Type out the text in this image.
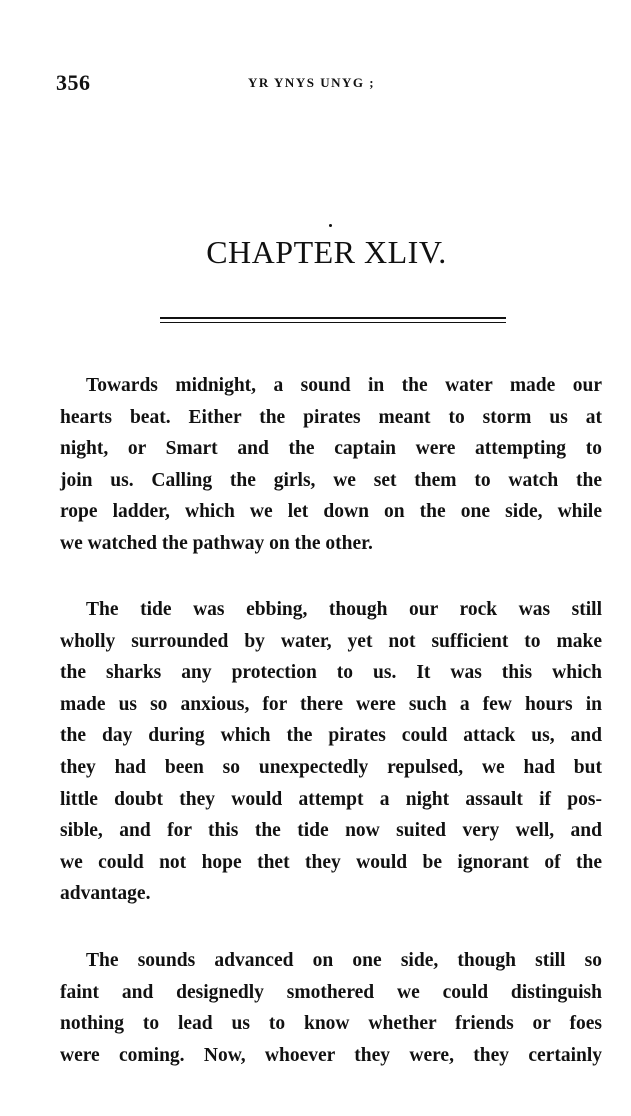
356	YR YNYS UNYG ;
CHAPTER XLIV.
Towards midnight, a sound in the water made our
hearts beat. Either the pirates meant to storm us at
night, or Smart and the captain were attempting to
join us. Calling the girls, we set them to watch the
rope ladder, which we let down on the one side, while
we watched the pathway on the other.
The tide was ebbing, though our rock was still
wholly surrounded by water, yet not sufficient to make
the sharks any protection to us. It was this which
made us so anxious, for there were such a few hours in
the day during which the pirates could attack us, and
they had been so unexpectedly repulsed, we had but
little doubt they would attempt a night assault if pos-
sible, and for this the tide now suited very well, and
we could not hope thet they would be ignorant of the
advantage.
The sounds advanced on one side, though still so
faint and designedly smothered we could distinguish
nothing to lead us to know whether friends or foes
were coming. Now, whoever they were, they certainly
